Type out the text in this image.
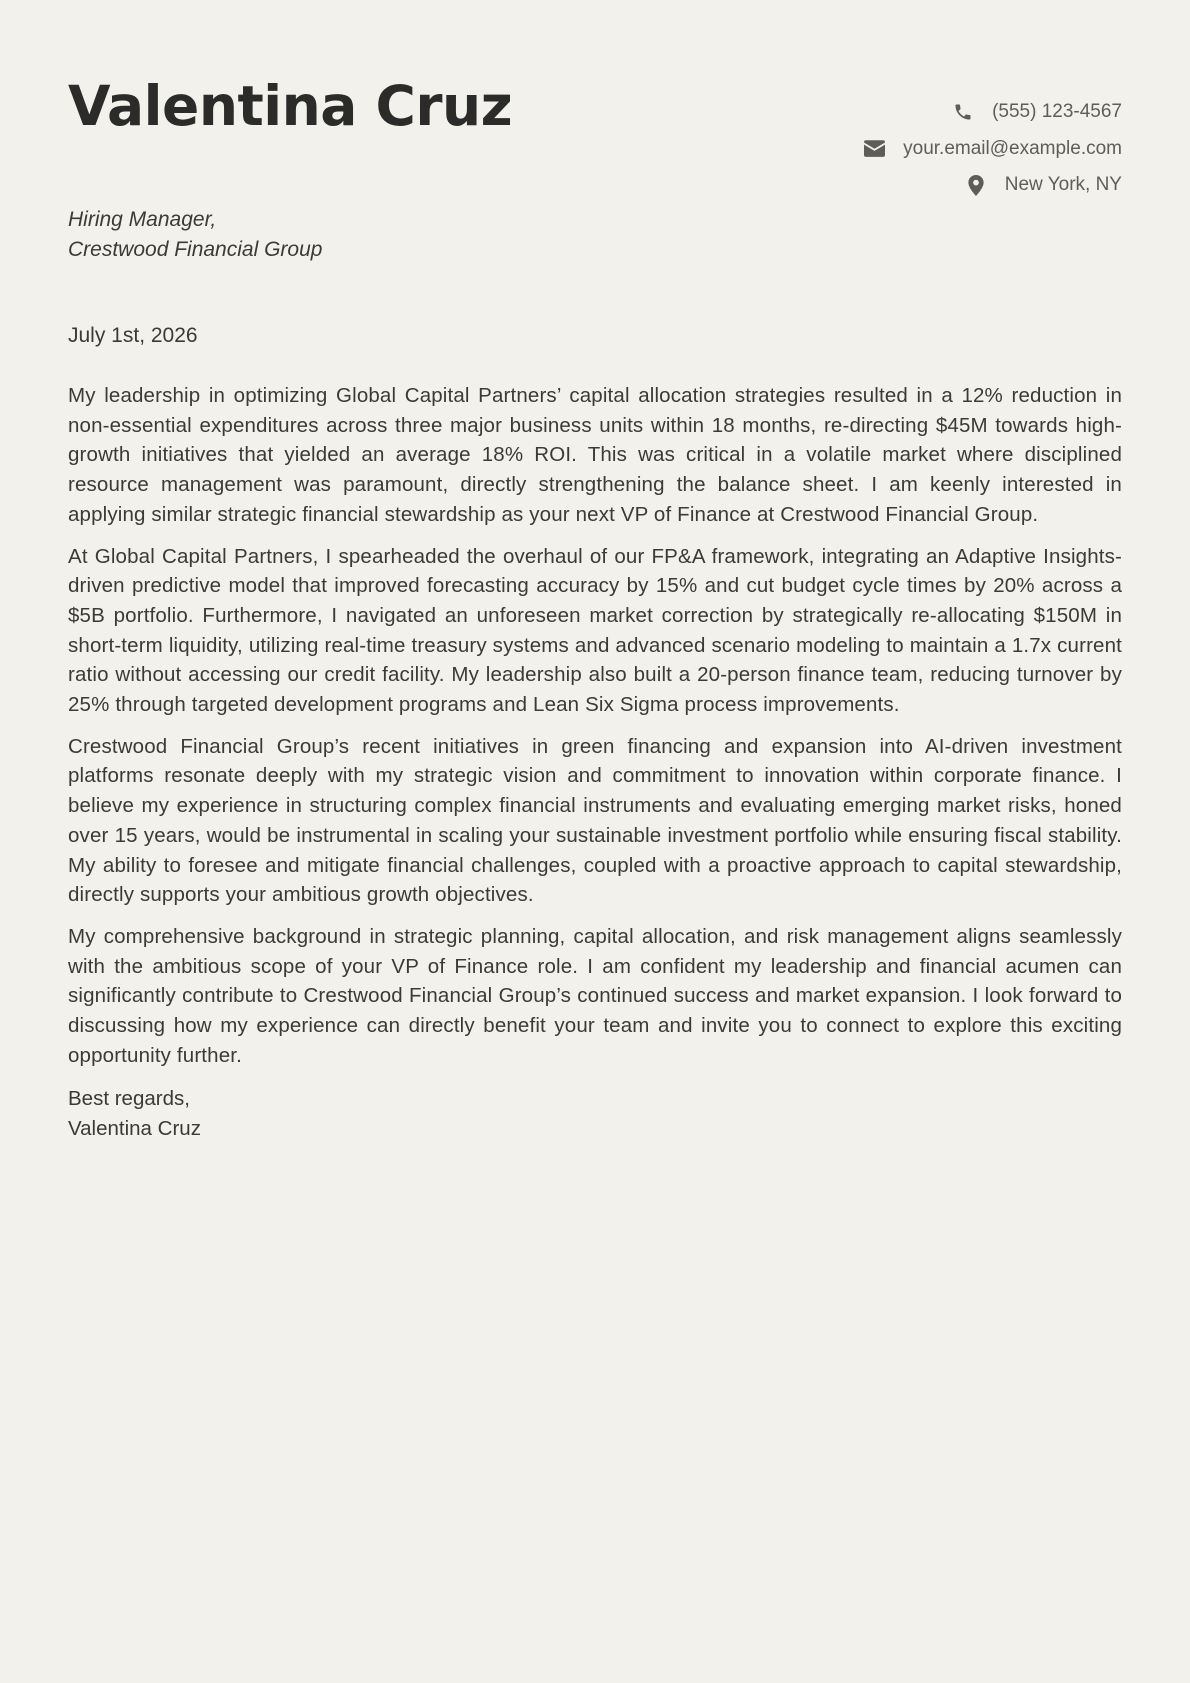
Valentina Cruz	(555) 123-4567
your.email@example.com
New York, NY
Hiring Manager,
Crestwood Financial Group
July 1st, 2026

My leadership in optimizing Global Capital Partners’ capital allocation strategies resulted in a 12% reduction in non-essential expenditures across three major business units within 18 months, re-directing $45M towards high-growth initiatives that yielded an average 18% ROI. This was critical in a volatile market where disciplined resource management was paramount, directly strengthening the balance sheet. I am keenly interested in applying similar strategic financial stewardship as your next VP of Finance at Crestwood Financial Group.

At Global Capital Partners, I spearheaded the overhaul of our FP&A framework, integrating an Adaptive Insights-driven predictive model that improved forecasting accuracy by 15% and cut budget cycle times by 20% across a $5B portfolio. Furthermore, I navigated an unforeseen market correction by strategically re-allocating $150M in short-term liquidity, utilizing real-time treasury systems and advanced scenario modeling to maintain a 1.7x current ratio without accessing our credit facility. My leadership also built a 20-person finance team, reducing turnover by 25% through targeted development programs and Lean Six Sigma process improvements.

Crestwood Financial Group’s recent initiatives in green financing and expansion into AI-driven investment platforms resonate deeply with my strategic vision and commitment to innovation within corporate finance. I believe my experience in structuring complex financial instruments and evaluating emerging market risks, honed over 15 years, would be instrumental in scaling your sustainable investment portfolio while ensuring fiscal stability. My ability to foresee and mitigate financial challenges, coupled with a proactive approach to capital stewardship, directly supports your ambitious growth objectives.

My comprehensive background in strategic planning, capital allocation, and risk management aligns seamlessly with the ambitious scope of your VP of Finance role. I am confident my leadership and financial acumen can significantly contribute to Crestwood Financial Group’s continued success and market expansion. I look forward to discussing how my experience can directly benefit your team and invite you to connect to explore this exciting opportunity further.

Best regards,
Valentina Cruz
